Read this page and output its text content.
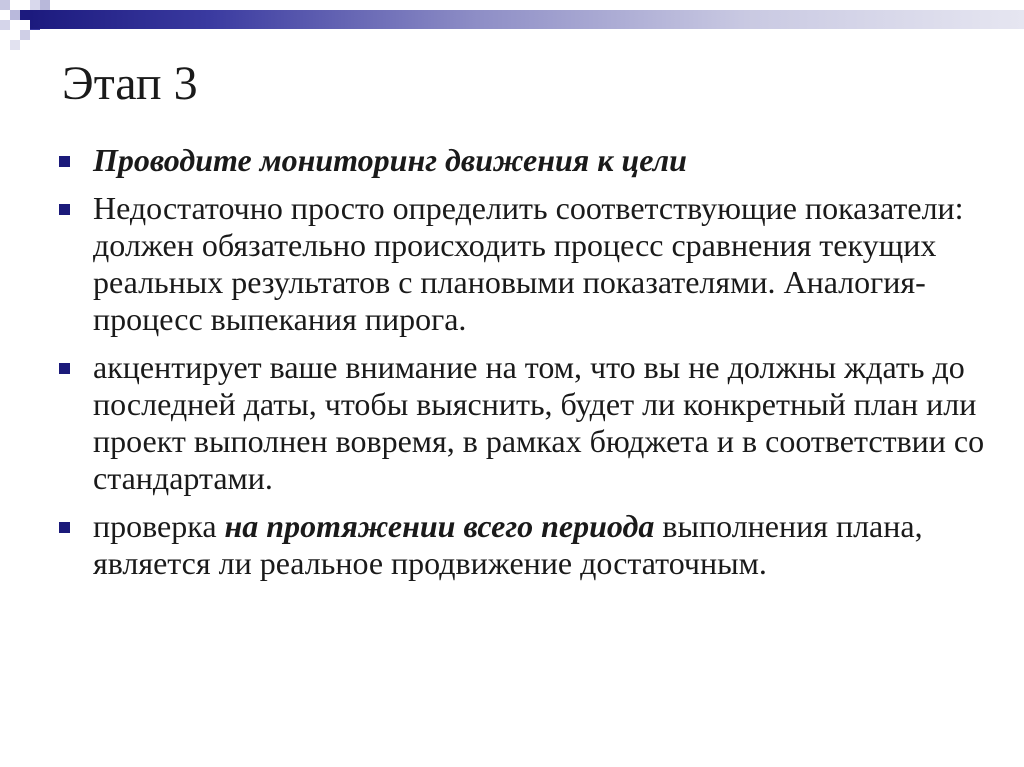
Этап 3
Проводите мониторинг движения к цели
Недостаточно просто определить соответствующие показатели: должен обязательно происходить процесс сравнения текущих реальных результатов с плановыми показателями. Аналогия- процесс выпекания пирога.
акцентирует ваше внимание на том, что вы не должны ждать до последней даты, чтобы выяснить, будет ли конкретный план или проект выполнен вовремя, в рамках бюджета и в соответствии со стандартами.
проверка на протяжении всего периода выполнения плана, является ли реальное продвижение достаточным.
